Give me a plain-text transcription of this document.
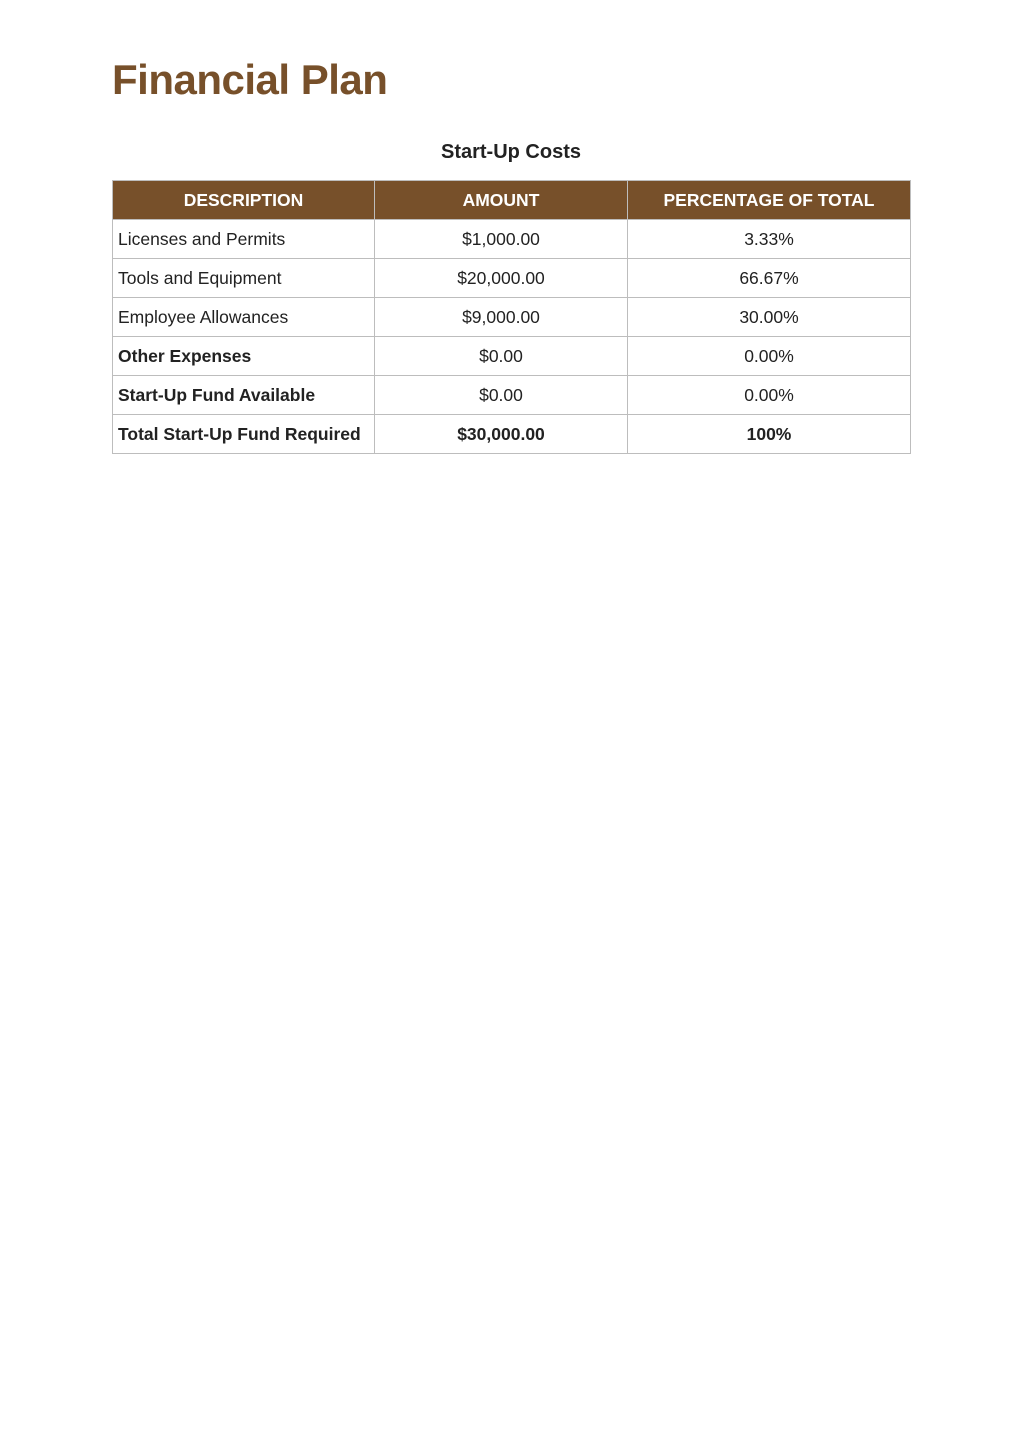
Financial Plan
Start-Up Costs
DESCRIPTION	AMOUNT	PERCENTAGE OF TOTAL
Licenses and Permits	$1,000.00	3.33%
Tools and Equipment	$20,000.00	66.67%
Employee Allowances	$9,000.00	30.00%
Other Expenses	$0.00	0.00%
Start-Up Fund Available	$0.00	0.00%
Total Start-Up Fund Required	$30,000.00	100%
